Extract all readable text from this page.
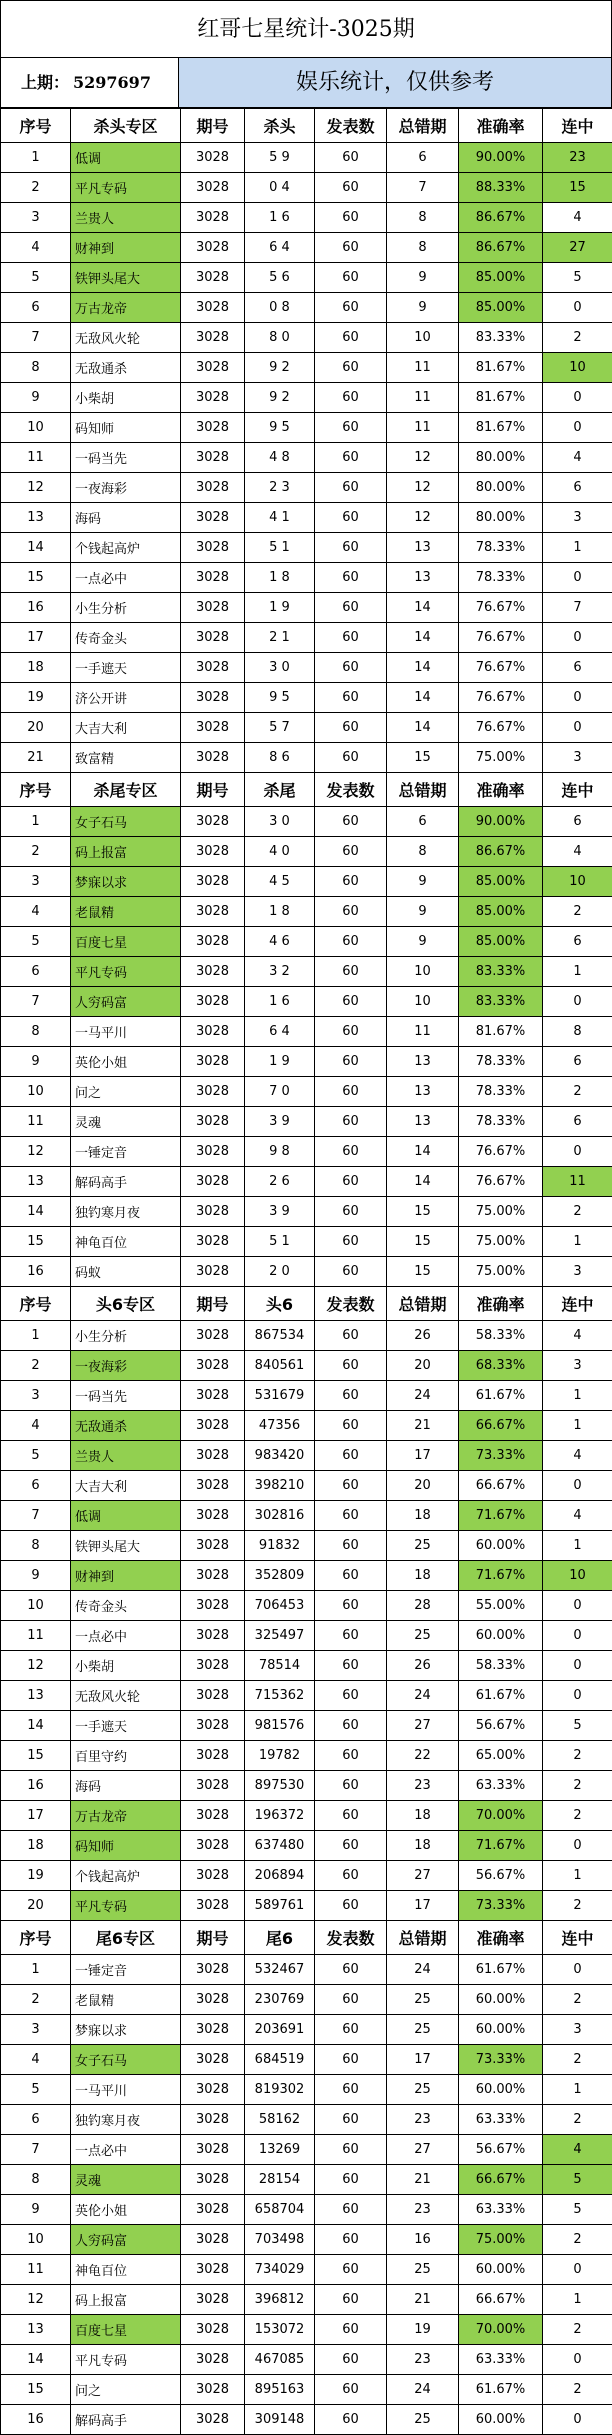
红哥七星统计-3025期
上期： 5297697	娱乐统计，仅供参考
序号	杀头专区	期号	杀头	发表数	总错期	准确率	连中
1	低调	3028	5 9	60	6	90.00%	23
2	平凡专码	3028	0 4	60	7	88.33%	15
3	兰贵人	3028	1 6	60	8	86.67%	4
4	财神到	3028	6 4	60	8	86.67%	27
5	铁钾头尾大	3028	5 6	60	9	85.00%	5
6	万古龙帝	3028	0 8	60	9	85.00%	0
7	无敌风火轮	3028	8 0	60	10	83.33%	2
8	无敌通杀	3028	9 2	60	11	81.67%	10
9	小柴胡	3028	9 2	60	11	81.67%	0
10	码知师	3028	9 5	60	11	81.67%	0
11	一码当先	3028	4 8	60	12	80.00%	4
12	一夜海彩	3028	2 3	60	12	80.00%	6
13	海码	3028	4 1	60	12	80.00%	3
14	个钱起高炉	3028	5 1	60	13	78.33%	1
15	一点必中	3028	1 8	60	13	78.33%	0
16	小生分析	3028	1 9	60	14	76.67%	7
17	传奇金头	3028	2 1	60	14	76.67%	0
18	一手遮天	3028	3 0	60	14	76.67%	6
19	济公开讲	3028	9 5	60	14	76.67%	0
20	大吉大利	3028	5 7	60	14	76.67%	0
21	致富精	3028	8 6	60	15	75.00%	3
序号	杀尾专区	期号	杀尾	发表数	总错期	准确率	连中
1	女子石马	3028	3 0	60	6	90.00%	6
2	码上报富	3028	4 0	60	8	86.67%	4
3	梦寐以求	3028	4 5	60	9	85.00%	10
4	老鼠精	3028	1 8	60	9	85.00%	2
5	百度七星	3028	4 6	60	9	85.00%	6
6	平凡专码	3028	3 2	60	10	83.33%	1
7	人穷码富	3028	1 6	60	10	83.33%	0
8	一马平川	3028	6 4	60	11	81.67%	8
9	英伦小姐	3028	1 9	60	13	78.33%	6
10	问之	3028	7 0	60	13	78.33%	2
11	灵魂	3028	3 9	60	13	78.33%	6
12	一锤定音	3028	9 8	60	14	76.67%	0
13	解码高手	3028	2 6	60	14	76.67%	11
14	独钓寒月夜	3028	3 9	60	15	75.00%	2
15	神龟百位	3028	5 1	60	15	75.00%	1
16	码蚁	3028	2 0	60	15	75.00%	3
序号	头6专区	期号	头6	发表数	总错期	准确率	连中
1	小生分析	3028	867534	60	26	58.33%	4
2	一夜海彩	3028	840561	60	20	68.33%	3
3	一码当先	3028	531679	60	24	61.67%	1
4	无敌通杀	3028	47356	60	21	66.67%	1
5	兰贵人	3028	983420	60	17	73.33%	4
6	大吉大利	3028	398210	60	20	66.67%	0
7	低调	3028	302816	60	18	71.67%	4
8	铁钾头尾大	3028	91832	60	25	60.00%	1
9	财神到	3028	352809	60	18	71.67%	10
10	传奇金头	3028	706453	60	28	55.00%	0
11	一点必中	3028	325497	60	25	60.00%	0
12	小柴胡	3028	78514	60	26	58.33%	0
13	无敌风火轮	3028	715362	60	24	61.67%	0
14	一手遮天	3028	981576	60	27	56.67%	5
15	百里守约	3028	19782	60	22	65.00%	2
16	海码	3028	897530	60	23	63.33%	2
17	万古龙帝	3028	196372	60	18	70.00%	2
18	码知师	3028	637480	60	18	71.67%	0
19	个钱起高炉	3028	206894	60	27	56.67%	1
20	平凡专码	3028	589761	60	17	73.33%	2
序号	尾6专区	期号	尾6	发表数	总错期	准确率	连中
1	一锤定音	3028	532467	60	24	61.67%	0
2	老鼠精	3028	230769	60	25	60.00%	2
3	梦寐以求	3028	203691	60	25	60.00%	3
4	女子石马	3028	684519	60	17	73.33%	2
5	一马平川	3028	819302	60	25	60.00%	1
6	独钓寒月夜	3028	58162	60	23	63.33%	2
7	一点必中	3028	13269	60	27	56.67%	4
8	灵魂	3028	28154	60	21	66.67%	5
9	英伦小姐	3028	658704	60	23	63.33%	5
10	人穷码富	3028	703498	60	16	75.00%	2
11	神龟百位	3028	734029	60	25	60.00%	0
12	码上报富	3028	396812	60	21	66.67%	1
13	百度七星	3028	153072	60	19	70.00%	2
14	平凡专码	3028	467085	60	23	63.33%	0
15	问之	3028	895163	60	24	61.67%	2
16	解码高手	3028	309148	60	25	60.00%	0
